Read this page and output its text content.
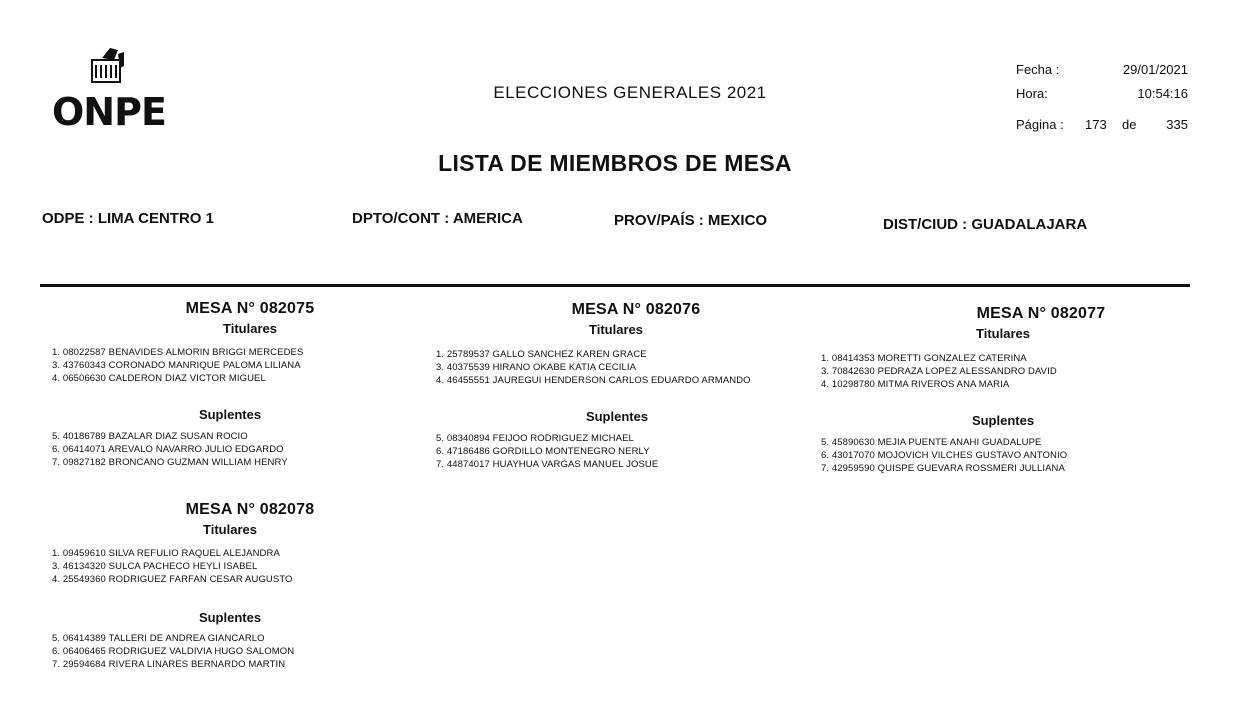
ONPE	ELECCIONES GENERALES 2021
LISTA DE MIEMBROS DE MESA
Fecha :	29/01/2021
Hora:	10:54:16
Página : 173 de	335
ODPE : LIMA CENTRO 1	DPTO/CONT : AMERICA	PROV/PAÍS : MEXICO	DIST/CIUD : GUADALAJARA
MESA N° 082075
Titulares
1. 08022587 BENAVIDES ALMORIN BRIGGI MERCEDES
3. 43760343 CORONADO MANRIQUE PALOMA LILIANA
4. 06506630 CALDERON DIAZ VICTOR MIGUEL
Suplentes
5. 40186789 BAZALAR DIAZ SUSAN ROCIO
6. 06414071 AREVALO NAVARRO JULIO EDGARDO
7. 09827182 BRONCANO GUZMAN WILLIAM HENRY
MESA N° 082076
Titulares
1. 25789537 GALLO SANCHEZ KAREN GRACE
3. 40375539 HIRANO OKABE KATIA CECILIA
4. 46455551 JAUREGUI HENDERSON CARLOS EDUARDO ARMANDO
Suplentes
5. 08340894 FEIJOO RODRIGUEZ MICHAEL
6. 47186486 GORDILLO MONTENEGRO NERLY
7. 44874017 HUAYHUA VARGAS MANUEL JOSUE
MESA N° 082077
Titulares
1. 08414353 MORETTI GONZALEZ CATERINA
3. 70842630 PEDRAZA LOPEZ ALESSANDRO DAVID
4. 10298780 MITMA RIVEROS ANA MARIA
Suplentes
5. 45890630 MEJIA PUENTE ANAHI GUADALUPE
6. 43017070 MOJOVICH VILCHES GUSTAVO ANTONIO
7. 42959590 QUISPE GUEVARA ROSSMERI JULLIANA
MESA N° 082078
Titulares
1. 09459610 SILVA REFULIO RAQUEL ALEJANDRA
3. 46134320 SULCA PACHECO HEYLI ISABEL
4. 25549360 RODRIGUEZ FARFAN CESAR AUGUSTO
Suplentes
5. 06414389 TALLERI DE ANDREA GIANCARLO
6. 06406465 RODRIGUEZ VALDIVIA HUGO SALOMON
7. 29594684 RIVERA LINARES BERNARDO MARTIN
